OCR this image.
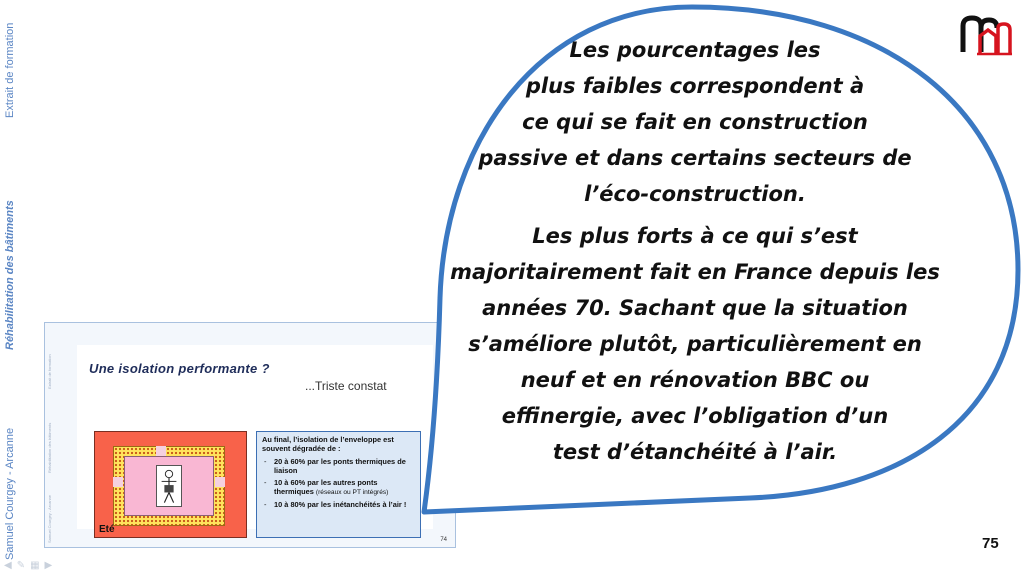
Extrait de formation
Réhabilitation des bâtiments
Samuel Courgey - Arcanne
Extrait de formation
Réhabilitation des bâtiments
Samuel Courgey - Arcanne
Une isolation performante ?
...Triste constat
Eté
Au final, l’isolation de l’enveloppe est souvent dégradée de :
- 20 à 60% par les ponts thermiques de liaison
- 10 à 60% par les autres ponts thermiques (réseaux ou PT intégrés)
- 10 à 80% par les inétanchéités à l’air !
74

Les pourcentages les
plus faibles correspondent à
ce qui se fait en construction
passive et dans certains secteurs de
l’éco-construction.

Les plus forts à ce qui s’est
majoritairement fait en France depuis les
années 70. Sachant que la situation
s’améliore plutôt, particulièrement en
neuf et en rénovation BBC ou
effinergie, avec l’obligation d’un
test d’étanchéité à l’air.

75
◀ ✎ ▦ ▶
